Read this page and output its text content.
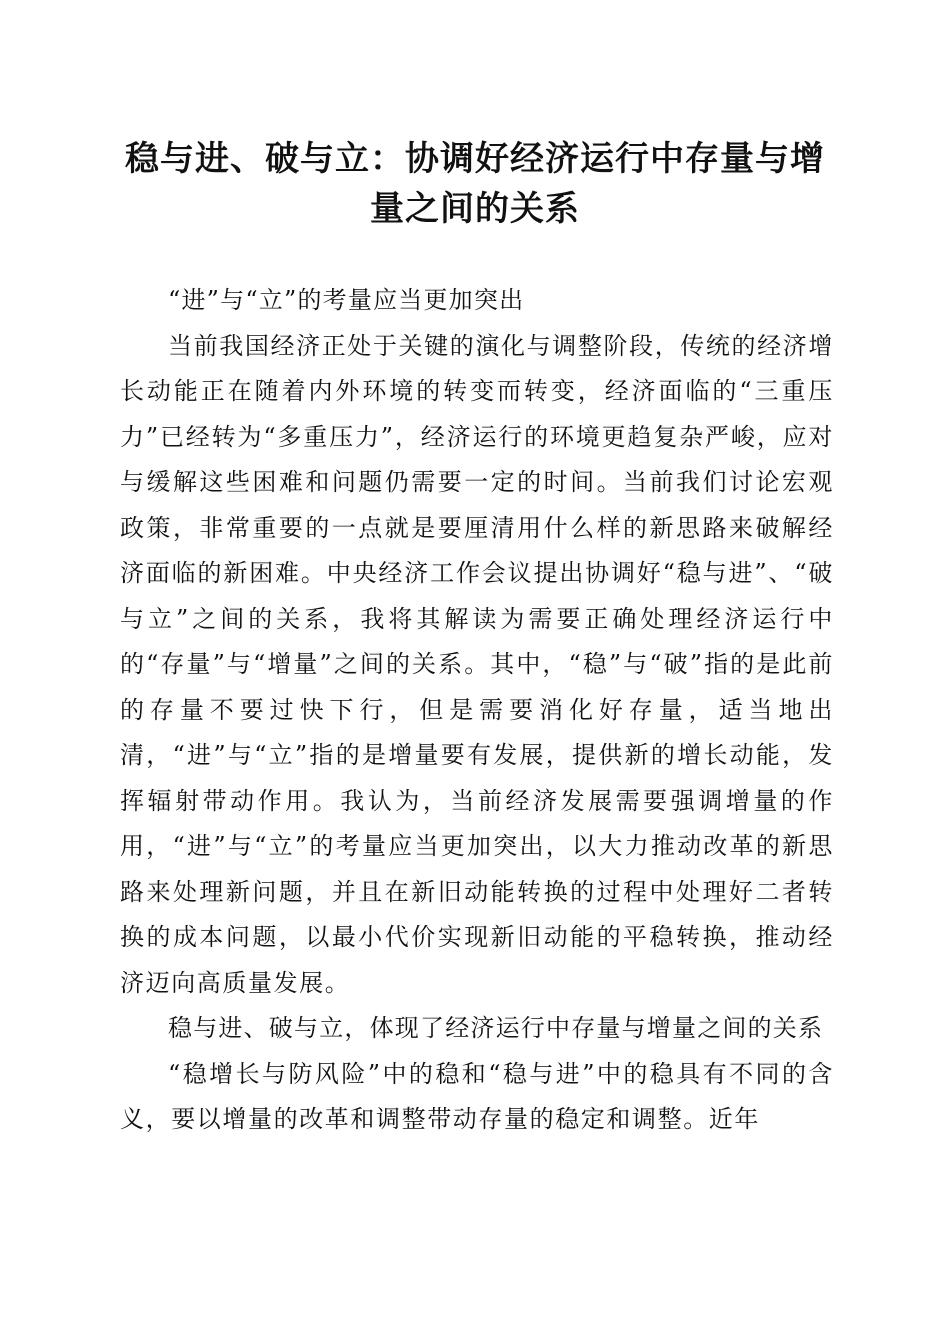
稳与进、破与立：协调好经济运行中存量与增量之间的关系

“进”与“立”的考量应当更加突出

当前我国经济正处于关键的演化与调整阶段，传统的经济增长动能正在随着内外环境的转变而转变，经济面临的“三重压力”已经转为“多重压力”，经济运行的环境更趋复杂严峻，应对与缓解这些困难和问题仍需要一定的时间。当前我们讨论宏观政策，非常重要的一点就是要厘清用什么样的新思路来破解经济面临的新困难。中央经济工作会议提出协调好“稳与进”、“破与立”之间的关系，我将其解读为需要正确处理经济运行中的“存量”与“增量”之间的关系。其中，“稳”与“破”指的是此前的存量不要过快下行，但是需要消化好存量，适当地出清，“进”与“立”指的是增量要有发展，提供新的增长动能，发挥辐射带动作用。我认为，当前经济发展需要强调增量的作用，“进”与“立”的考量应当更加突出，以大力推动改革的新思路来处理新问题，并且在新旧动能转换的过程中处理好二者转换的成本问题，以最小代价实现新旧动能的平稳转换，推动经济迈向高质量发展。

稳与进、破与立，体现了经济运行中存量与增量之间的关系

“稳增长与防风险”中的稳和“稳与进”中的稳具有不同的含义，要以增量的改革和调整带动存量的稳定和调整。近年
